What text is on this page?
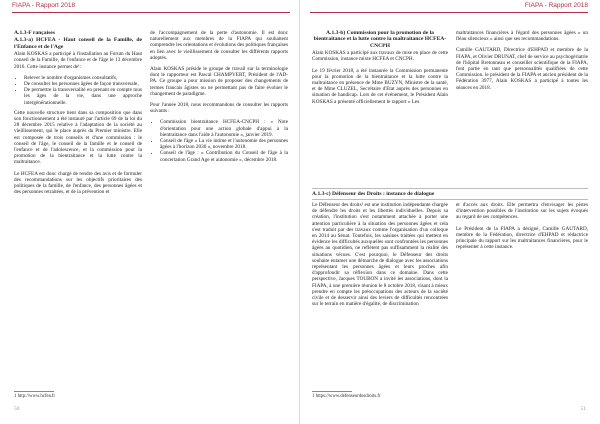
FIAPA - Rapport 2018
A.1.3-F rançaises
A.1.3-a) HCFEA - Haut conseil de la Famille, de l'Enfance et de l'Age

Alain KOSKAS a participé à l'installation au Forum du Haut conseil de la Famille, de l'enfance et de l'âge le 13 décembre 2016. Cette instance permet de¹:

• Relever le nombre d'organismes consultatifs,
• De consulter les personnes âgées de façon transversale,
• De permettre la transversalité en prenant en compte tous les âges de la vie, dans une approche intergénérationnelle.

Cette nouvelle structure tient dans sa composition que dans son fonctionnement a été instauré par l'article 69 de la loi du 28 décembre 2015 relative à l'adaptation de la société au vieillissement, qui le place auprès du Premier ministre. Elle est composée de trois conseils et d'une commission : le conseil de l'âge, le conseil de la famille et le conseil de l'enfance et de l'adolescence, et la commission pour la promotion de la bientraitance et la lutte contre la maltraitance.

Le HCFEA est donc chargé de rendre des avis et de formuler des recommandations sur les objectifs prioritaires des politiques de la famille, de l'enfance, des personnes âgées et des personnes retraitées, et de la prévention et

1 http://www.hcfea.fr

de l'accompagnement de la perte d'autonomie. Il est donc naturellement aux membres de la FIAPA qui souhaitent comprendre les orientations et évolutions des politiques françaises en lien avec le vieillissement de consulter les différents rapports adoptés.

Alain KOSKAS préside le groupe de travail sur la terminologie dont le rapporteur est Pascal CHAMPVERT, Président de l'AD-PA. Ce groupe a pour mission de proposer des changements de termes francais âgistes ou ne permettant pas de faire évoluer le changement de paradigme.

Pour l'année 2018, nous recommandons de consulter les rapports suivants :

• Commission bientraitance HCFEA-CNCPH : « Note d'orientation pour une action globale d'appui à la bientraitance dans l'aide à l'autonomie », janvier 2019.
• Conseil de l'âge « La vie intime et l'autonomie des personnes âgées à l'horizon 2030 », novembre 2018.
• Conseil de l'âge : « Contribution du Conseil de l'âge à la concertation Grand Age et autonomie », décembre 2018.
50
FIAPA - Rapport 2018
A.1.3-b) Commission pour la promotion de la bientraitance et la lutte contre la maltraitance HCFEA-CNCPH

Alain KOSKAS a participé aux travaux de mise en place de cette Commission, instance mixte HCFEA et CNCPH.

Le 19 février 2018, a été instaurée la Commission permanente pour la promotion de la bientraitance et la lutte contre la maltraitance en présence de Mme BUZYN, Ministre de la santé, et de Mme CLUZEL, Secrétaire d'Etat auprès des personnes en situation de handicap. Lors de cet événement, le Président Alain KOSKAS a présenté officiellement le rapport « Les

maltraitances financières à l'égard des personnes âgées « un fléau silencieux » ainsi que ses recommandations.

Camille GAUTARD, Directrice d'EHPAD et membre de la FIAPA, et Olivier DRUNAT, chef de service au psychogériatrie de l'hôpital Bretonneau et conseiller scientifique de la FIAPA, font partie en tant que personnalités qualifiées de cette Commission. le président de la FIAPA et ancien président de la Fédération 3977, Alain KOSKAS a participé à toutes les séances en 2018.

A.1.3-c) Défenseur des Droits : instance de dialogue

Le Défenseur des droits¹ est une institution indépendante chargée de défendre les droits et les libertés individuelles. Depuis sa création, l'institution s'est notamment attachée à porter une attention particulière à la situation des personnes âgées et cela s'est traduit par des travaux comme l'organisation d'un colloque en 2014 au Sénat. Toutefois, les saisines traitées qui mettent en évidence les difficultés auxquelles sont confrontées les personnes âgées au quotidien, ne reflètent pas suffisamment la réalité des situations vécues. C'est pourquoi, le Défenseur des droits souhaite entamer une démarche de dialogue avec les associations représentant les personnes âgées et leurs proches afin d'approfondir sa réflexion dans ce domaine. Dans cette perspective, Jacques TOUBON a invité les associations, dont la FIAPA, à une première réunion le 8 octobre 2018, visant à mieux prendre en compte les préoccupations des acteurs de la société civile et de desservir ainsi des leviers de difficultés rencontrées sur le terrain en matière d'égalité, de discrimination

et d'accès aux droits. Elle permettra d'envisager les pistes d'intervention possibles de l'institution sur les sujets évoqués au regard de ses compétences.

Le Président de la FIAPA a désigné, Camille GAUTARD, membre de la Fédération, directrice d'EHPAD et rédactrice principale du rapport sur les maltraitances financières, pour le représenter à cette instance.

1 https://www.defenseurdesdroits.fr
51
